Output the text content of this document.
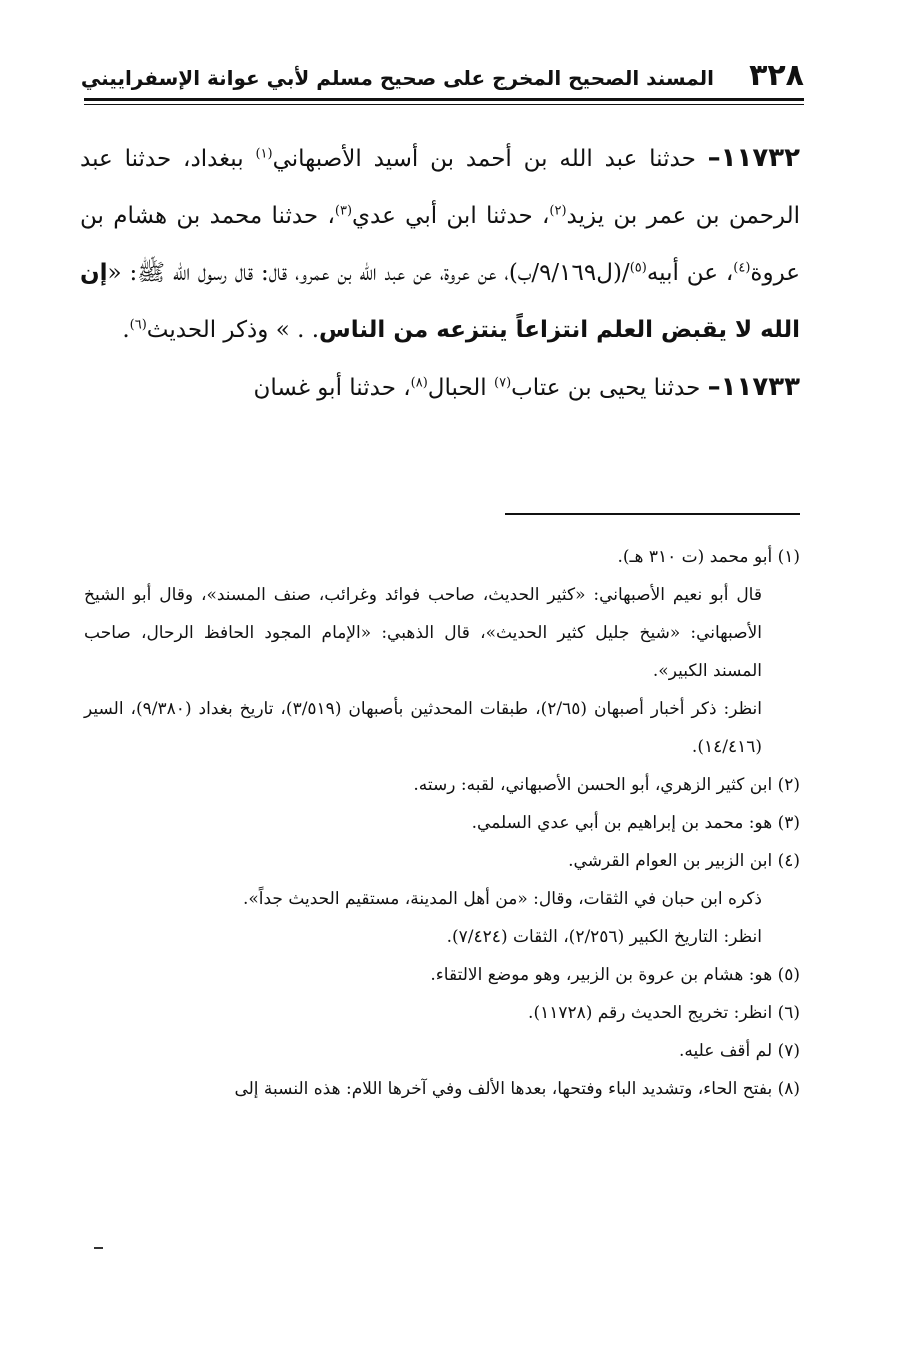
٣٢٨
المسند الصحيح المخرج على صحيح مسلم لأبي عوانة الإسفراييني

١١٧٣٢– حدثنا عبد الله بن أحمد بن أسيد الأصبهاني$^{(١)}$ ببغداد، حدثنا عبد الرحمن بن عمر بن يزيد$^{(٢)}$، حدثنا ابن أبي عدي$^{(٣)}$، حدثنا محمد بن هشام بن عروة$^{(٤)}$، عن أبيه$^{(٥)}$/(ل٩/١٦٩/ب)، عن عروة، عن عبد الله بن عمرو، قال: قال رسول الله ﷺ: «إن الله لا يقبض العلم انتزاعاً ينتزعه من الناس. . » وذكر الحديث$^{(٦)}$.

١١٧٣٣– حدثنا يحيى بن عتاب$^{(٧)}$ الحبال$^{(٨)}$، حدثنا أبو غسان

(١) أبو محمد (ت ٣١٠ هـ).

قال أبو نعيم الأصبهاني: «كثير الحديث، صاحب فوائد وغرائب، صنف المسند»، وقال أبو الشيخ الأصبهاني: «شيخ جليل كثير الحديث»، قال الذهبي: «الإمام المجود الحافظ الرحال، صاحب المسند الكبير».

انظر: ذكر أخبار أصبهان (٢/٦٥)، طبقات المحدثين بأصبهان (٣/٥١٩)، تاريخ بغداد (٩/٣٨٠)، السير (١٤/٤١٦).

(٢) ابن كثير الزهري، أبو الحسن الأصبهاني، لقبه: رسته.

(٣) هو: محمد بن إبراهيم بن أبي عدي السلمي.

(٤) ابن الزبير بن العوام القرشي.

ذكره ابن حبان في الثقات، وقال: «من أهل المدينة، مستقيم الحديث جداً».

انظر: التاريخ الكبير (٢/٢٥٦)، الثقات (٧/٤٢٤).

(٥) هو: هشام بن عروة بن الزبير، وهو موضع الالتقاء.

(٦) انظر: تخريج الحديث رقم (١١٧٢٨).

(٧) لم أقف عليه.

(٨) بفتح الحاء، وتشديد الباء وفتحها، بعدها الألف وفي آخرها اللام: هذه النسبة إلى
